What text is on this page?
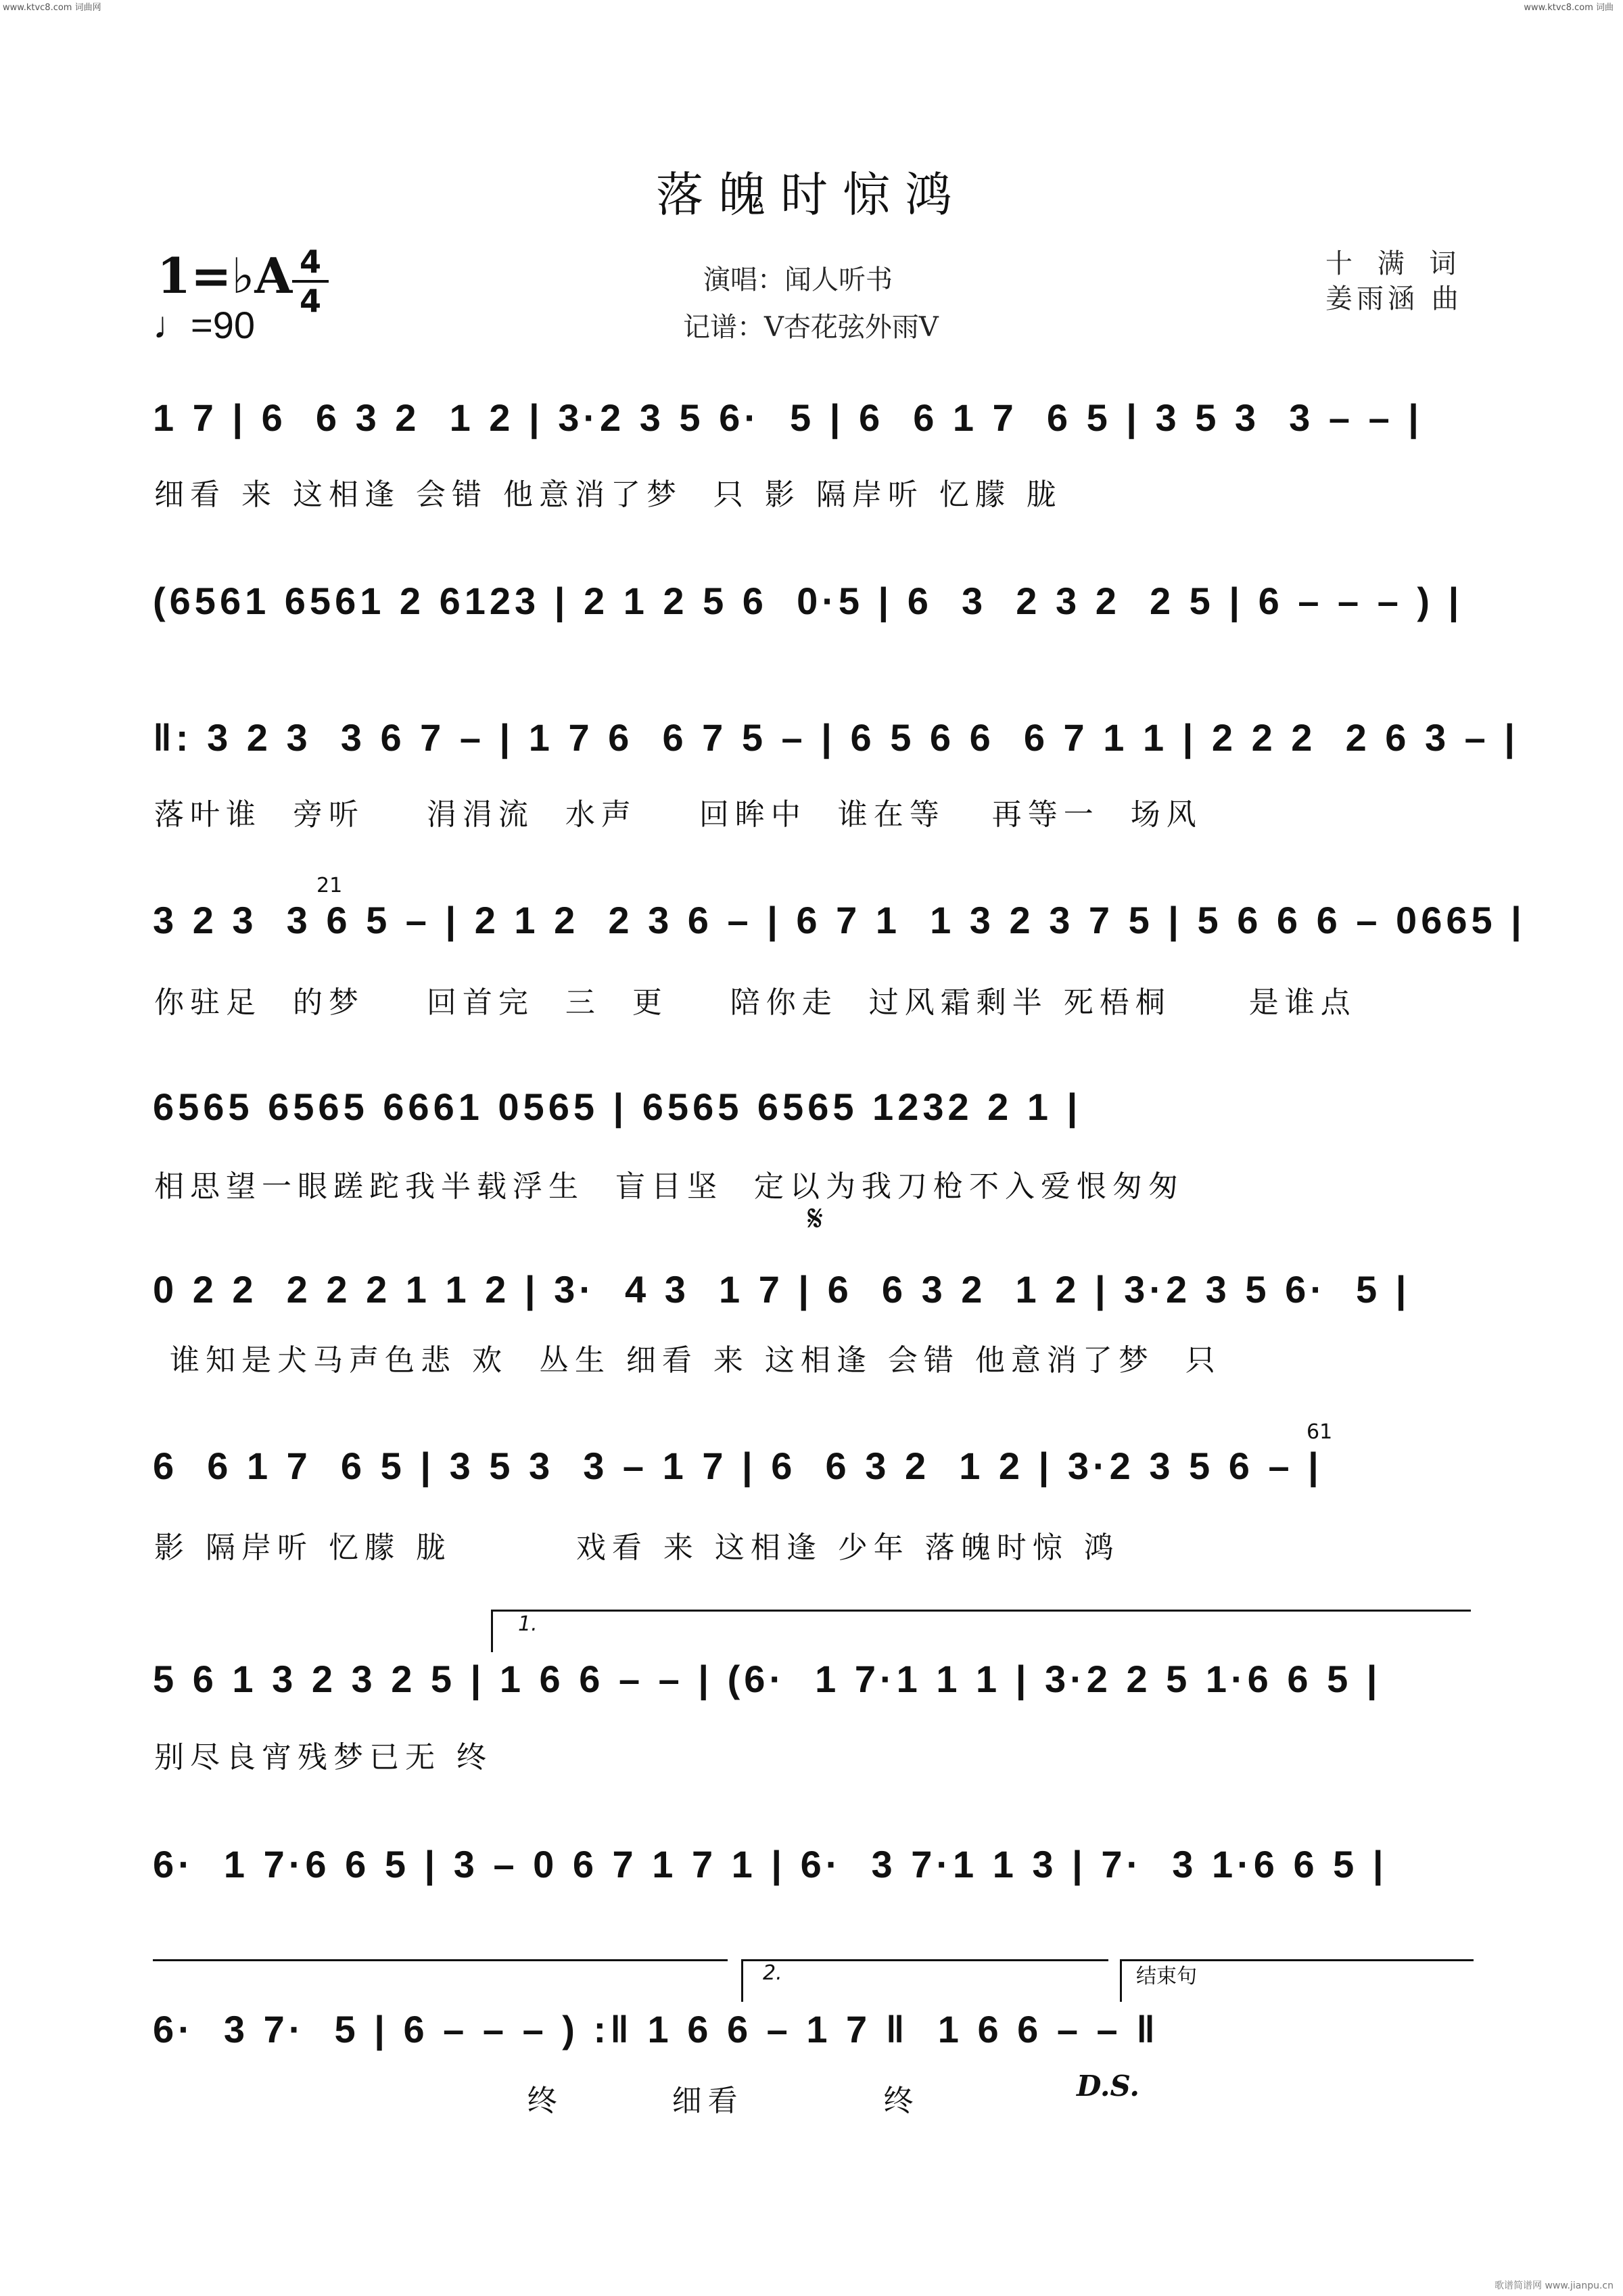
www.ktvc8.com 词曲网	www.ktvc8.com 词曲
落魄时惊鸿
1=♭A 4
4
♩=90
演唱：闻人听书
记谱：V杏花弦外雨V
十 满 词
姜雨涵 曲
1 7 | 6  6 3 2  1 2 | 3·2 3 5 6·  5 | 6  6 1 7  6 5 | 3 5 3  3 – – |
细看 来 这相逢 会错 他意消了梦  只 影 隔岸听 忆朦 胧
(6561 6561 2 6123 | 2 1 2 5 6  0·5 | 6  3  2 3 2  2 5 | 6 – – – ) |
‖: 3 2 3  3 6 7 – | 1 7 6  6 7 5 – | 6 5 6 6  6 7 1 1 | 2 2 2  2 6 3 – |
落叶谁  旁听    涓涓流  水声    回眸中  谁在等   再等一  场风
3 2 3  3 6 5 – | 2 1 2  2 3 6 – | 6 7 1  1 3 2 3 7 5 | 5 6 6 6 – 0665 |
你驻足  的梦    回首完  三  更    陪你走  过风霜剩半 死梧桐     是谁点
21
6565 6565 6661 0565 | 6565 6565 1232 2 1 |
相思望一眼蹉跎我半载浮生  盲目坚  定以为我刀枪不入爱恨匆匆
𝄋
0 2 2  2 2 2 1 1 2 | 3·  4 3  1 7 | 6  6 3 2  1 2 | 3·2 3 5 6·  5 |
谁知是犬马声色悲 欢  丛生 细看 来 这相逢 会错 他意消了梦  只
6  6 1 7  6 5 | 3 5 3  3 – 1 7 | 6  6 3 2  1 2 | 3·2 3 5 6 – |
影 隔岸听 忆朦 胧        戏看 来 这相逢 少年 落魄时惊 鸿
61
1.
5 6 1 3 2 3 2 5 | 1 6 6 – – | (6·  1 7·1 1 1 | 3·2 2 5 1·6 6 5 |
别尽良宵残梦已无 终
6·  1 7·6 6 5 | 3 – 0 6 7 1 7 1 | 6·  3 7·1 1 3 | 7·  3 1·6 6 5 |
2.	结束句
6·  3 7·  5 | 6 – – – ) :‖ 1 6 6 – 1 7 ‖  1 6 6 – – ‖
终       细看         终	D.S.
歌谱简谱网 www.jianpu.cn
